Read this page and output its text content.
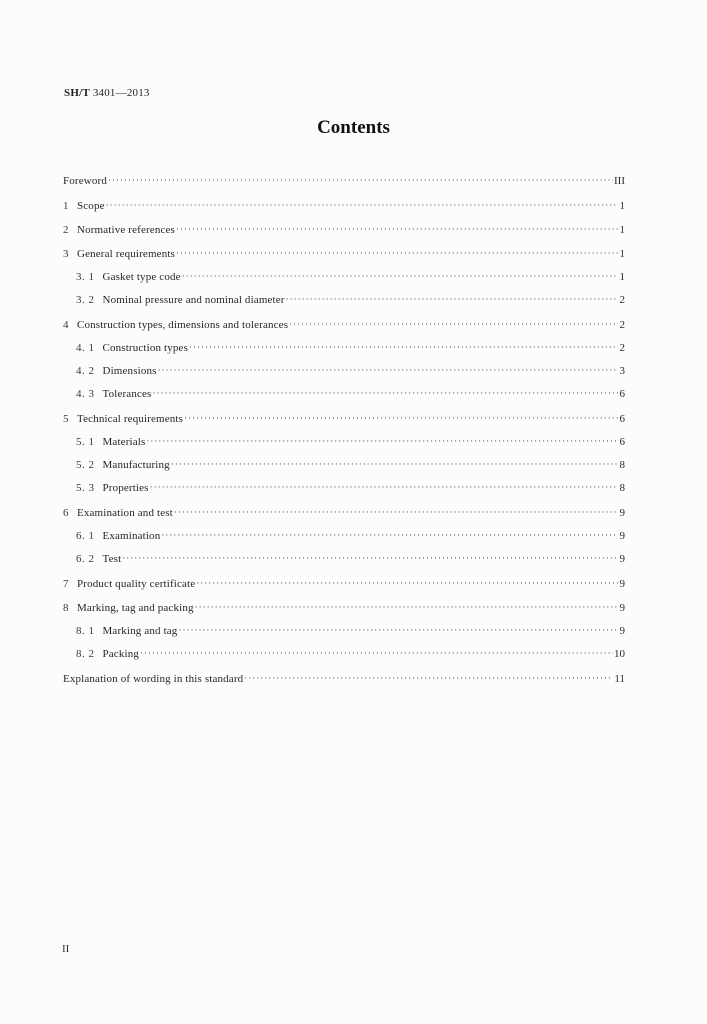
SH/T 3401—2013
Contents
Foreword ·····	III
1 Scope ·····	1
2 Normative references ·····	1
3 General requirements ·····	1
3. 1 Gasket type code ·····	1
3. 2 Nominal pressure and nominal diameter ·····	2
4 Construction types, dimensions and tolerances ·····	2
4. 1 Construction types ·····	2
4. 2 Dimensions ·····	3
4. 3 Tolerances ·····	6
5 Technical requirements ·····	6
5. 1 Materials ·····	6
5. 2 Manufacturing ·····	8
5. 3 Properties ·····	8
6 Examination and test ·····	9
6. 1 Examination ·····	9
6. 2 Test ·····	9
7 Product quality certificate ·····	9
8 Marking, tag and packing ·····	9
8. 1 Marking and tag ·····	9
8. 2 Packing ·····	10
Explanation of wording in this standard ·····	11
II
